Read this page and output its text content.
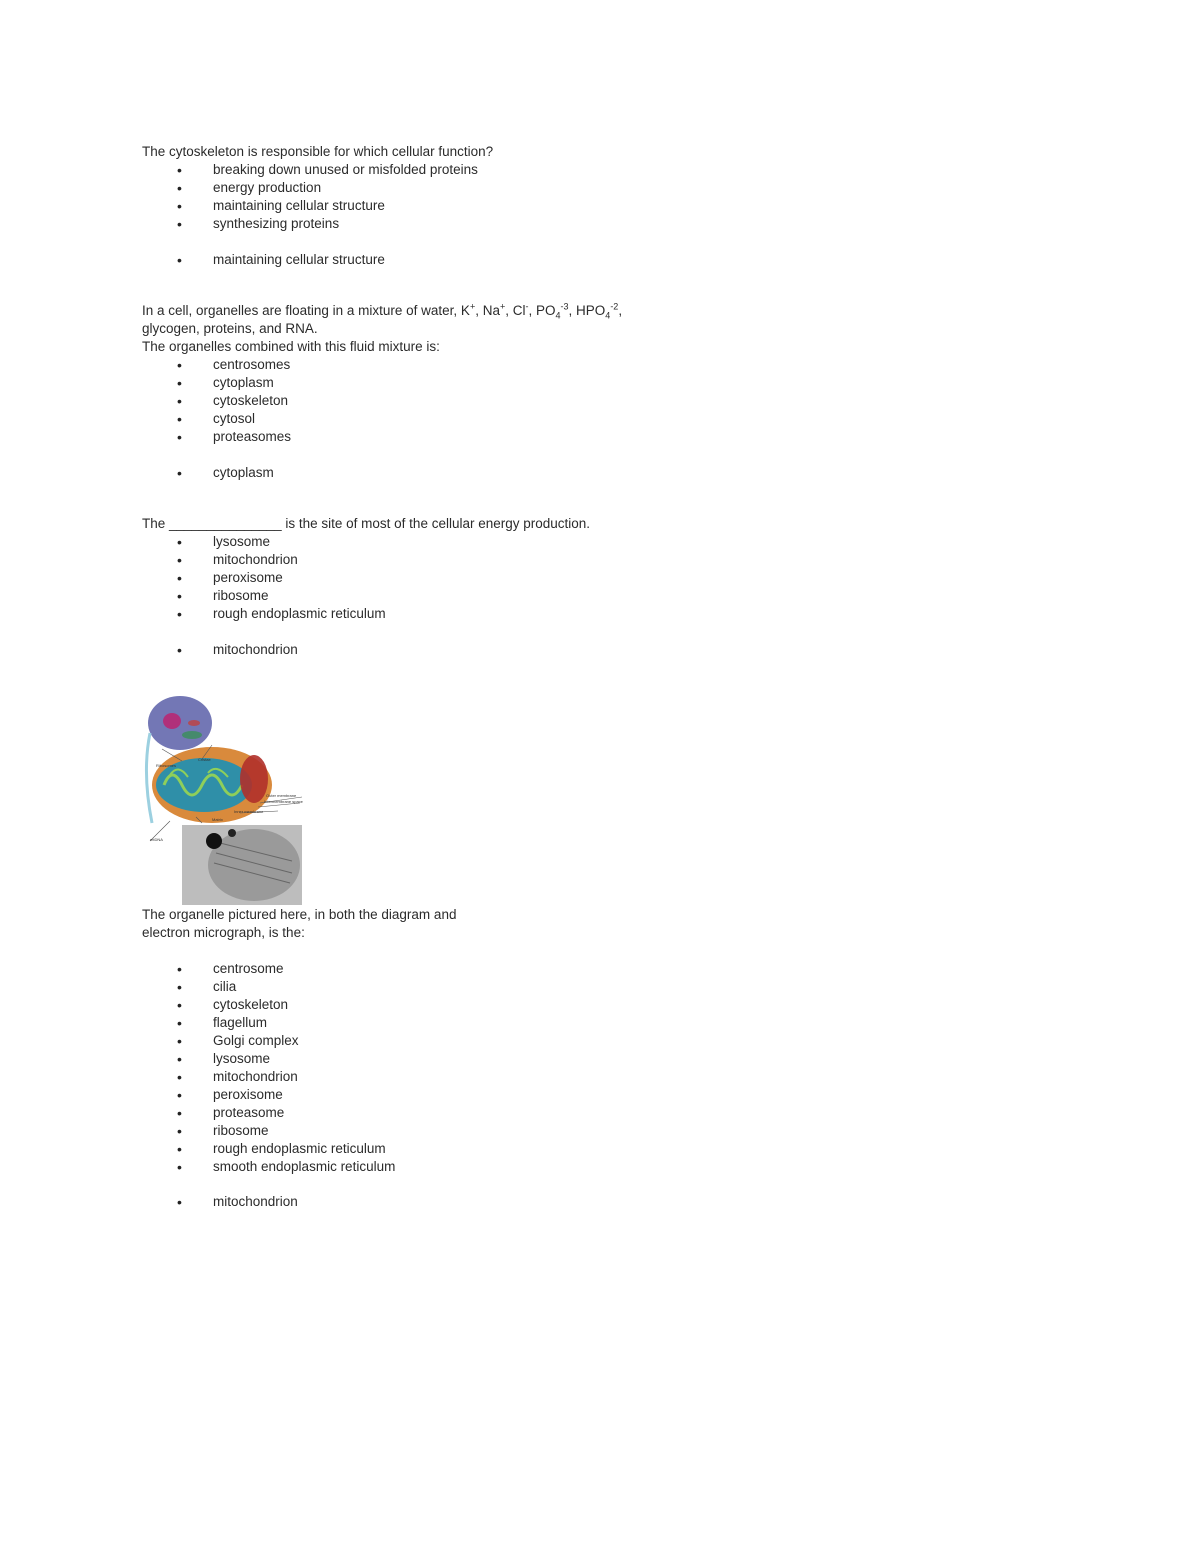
The cytoskeleton is responsible for which cellular function?
• breaking down unused or misfolded proteins
• energy production
• maintaining cellular structure
• synthesizing proteins
• maintaining cellular structure
In a cell, organelles are floating in a mixture of water, K+, Na+, Cl-, $PO_4^{-3}$, $HPO_4^{-2}$,
glycogen, proteins, and RNA.
The organelles combined with this fluid mixture is:
• centrosomes
• cytoplasm
• cytoskeleton
• cytosol
• proteasomes
• cytoplasm
The _______________ is the site of most of the cellular energy production.
• lysosome
• mitochondrion
• peroxisome
• ribosome
• rough endoplasmic reticulum
• mitochondrion
Cristae
Ribosomes
Outer membrane
Intermembrane space
Inner membrane
Matrix
mtDNA
The organelle pictured here, in both the diagram and
electron micrograph, is the:
• centrosome
• cilia
• cytoskeleton
• flagellum
• Golgi complex
• lysosome
• mitochondrion
• peroxisome
• proteasome
• ribosome
• rough endoplasmic reticulum
• smooth endoplasmic reticulum
• mitochondrion
